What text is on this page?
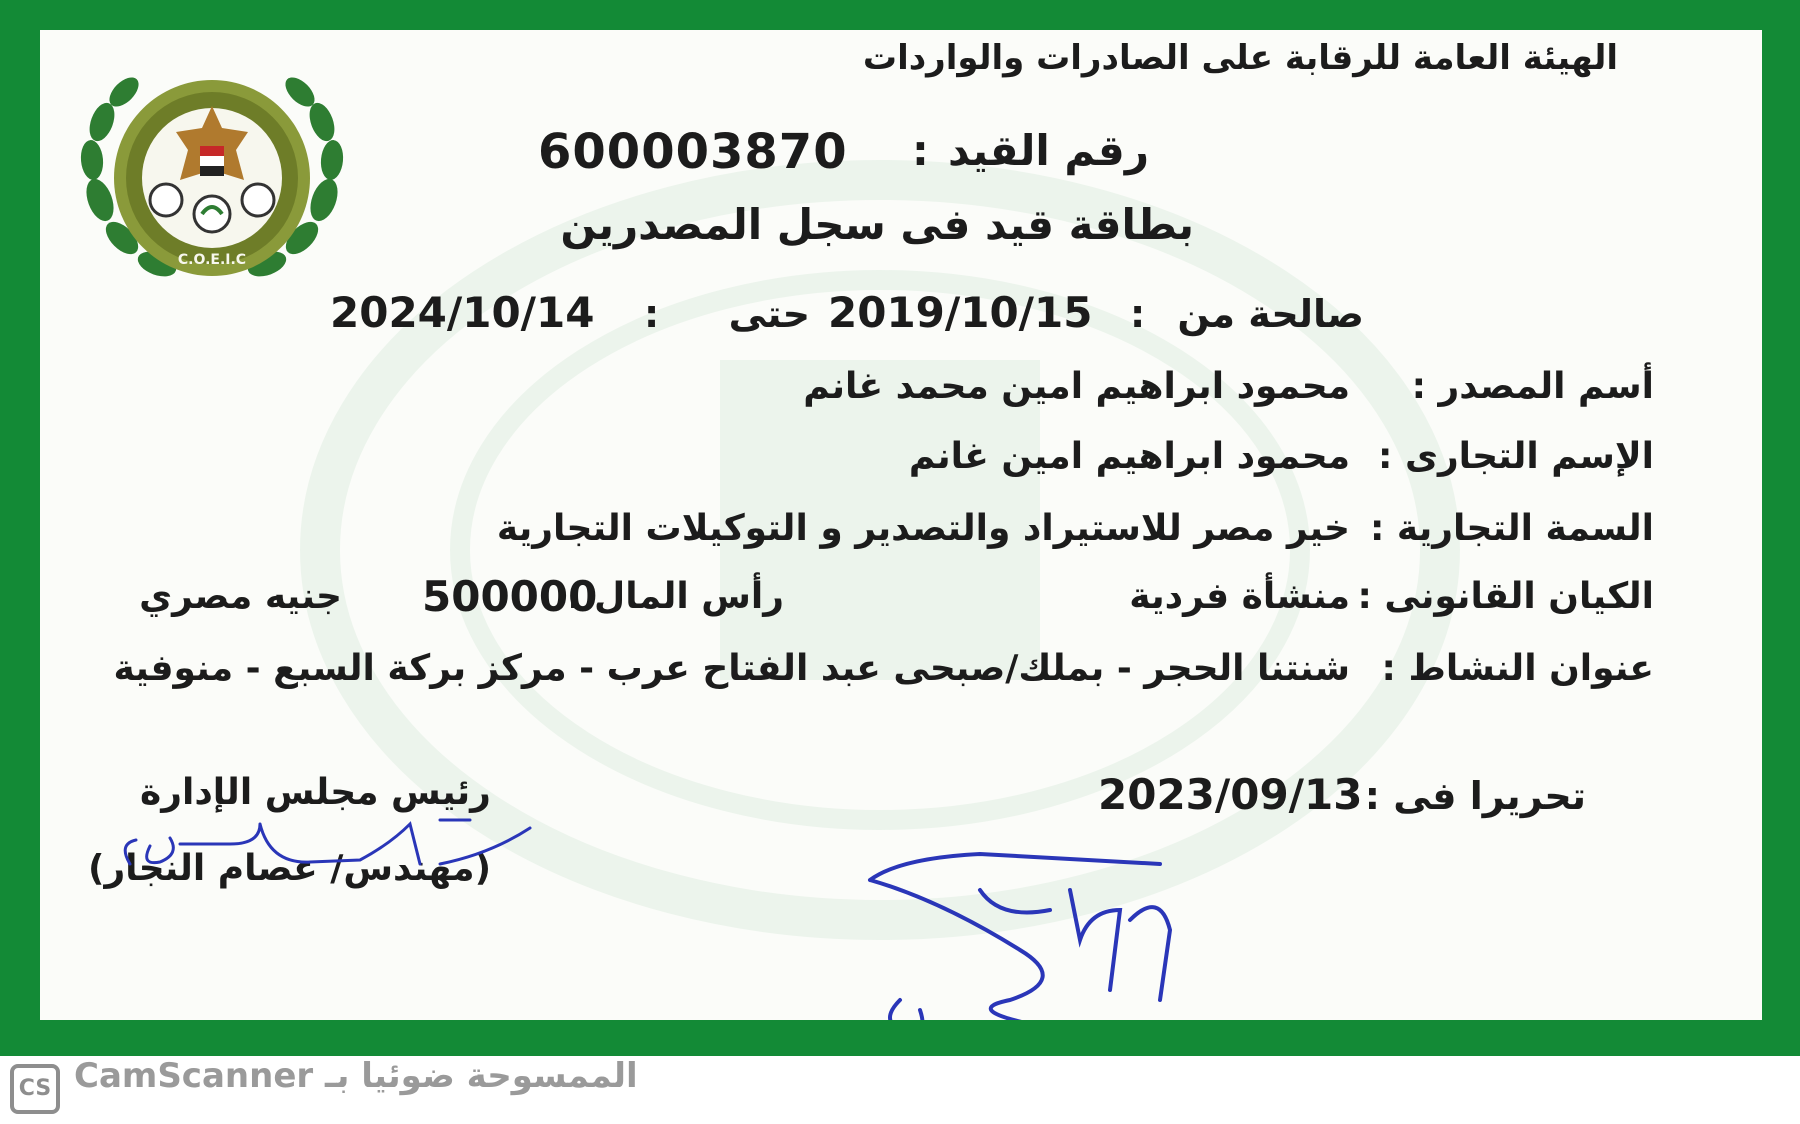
C.O.E.I.C
الهيئة العامة للرقابة على الصادرات والواردات
رقم القيد
:
600003870
بطاقة قيد فى سجل المصدرين
صالحة من
:
2019/10/15
حتى
:
2024/10/14
أسم المصدر :
محمود ابراهيم امين محمد غانم
الإسم التجارى :
محمود ابراهيم امين غانم
السمة التجارية :
خير مصر للاستيراد والتصدير و التوكيلات التجارية
الكيان القانونى :
منشأة فردية
رأس المال :
500000
جنيه مصري
عنوان النشاط :
شنتنا الحجر - بملك/صبحى عبد الفتاح عرب - مركز بركة السبع - منوفية
تحريرا فى :
2023/09/13
رئيس مجلس الإدارة
(مهندس/ عصام النجار)
CS الممسوحة ضوئيا بـ CamScanner
